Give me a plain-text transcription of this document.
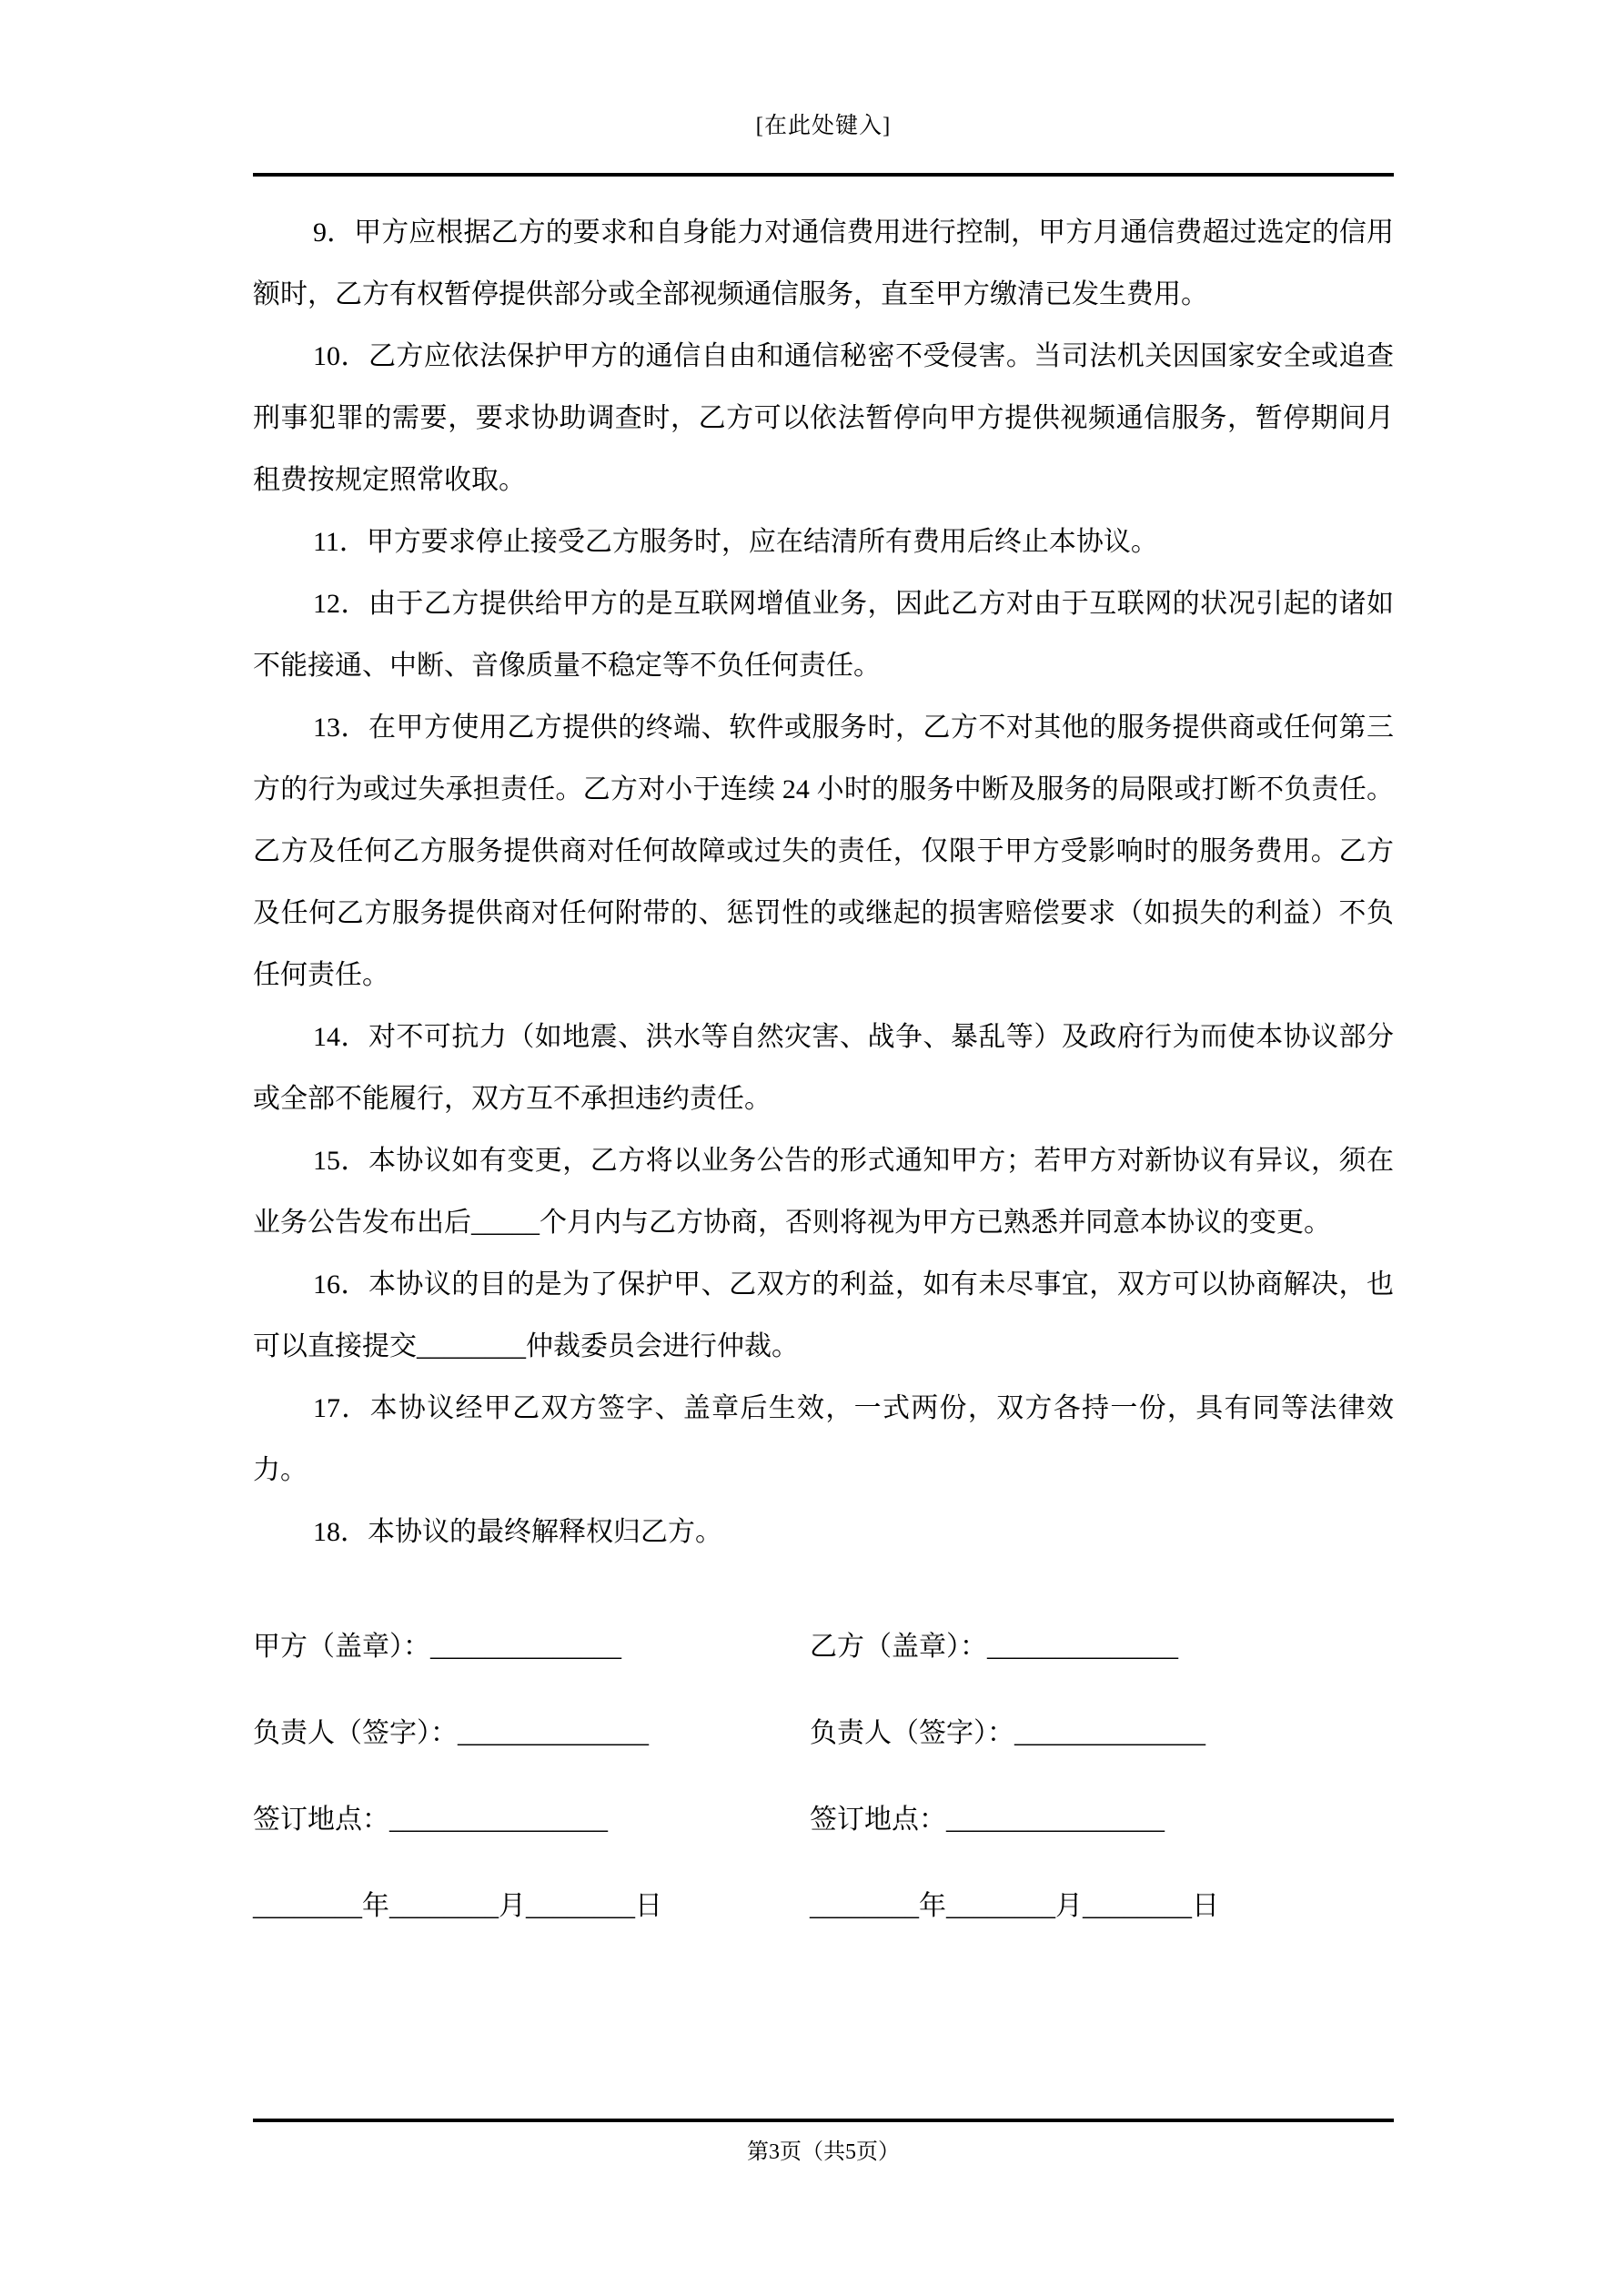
[在此处键入]

9．甲方应根据乙方的要求和自身能力对通信费用进行控制，甲方月通信费超过选定的信用额时，乙方有权暂停提供部分或全部视频通信服务，直至甲方缴清已发生费用。

10．乙方应依法保护甲方的通信自由和通信秘密不受侵害。当司法机关因国家安全或追查刑事犯罪的需要，要求协助调查时，乙方可以依法暂停向甲方提供视频通信服务，暂停期间月租费按规定照常收取。

11．甲方要求停止接受乙方服务时，应在结清所有费用后终止本协议。

12．由于乙方提供给甲方的是互联网增值业务，因此乙方对由于互联网的状况引起的诸如不能接通、中断、音像质量不稳定等不负任何责任。

13．在甲方使用乙方提供的终端、软件或服务时，乙方不对其他的服务提供商或任何第三方的行为或过失承担责任。乙方对小于连续 24 小时的服务中断及服务的局限或打断不负责任。乙方及任何乙方服务提供商对任何故障或过失的责任，仅限于甲方受影响时的服务费用。乙方及任何乙方服务提供商对任何附带的、惩罚性的或继起的损害赔偿要求（如损失的利益）不负任何责任。

14．对不可抗力（如地震、洪水等自然灾害、战争、暴乱等）及政府行为而使本协议部分或全部不能履行，双方互不承担违约责任。

15．本协议如有变更，乙方将以业务公告的形式通知甲方；若甲方对新协议有异议，须在业务公告发布出后_____个月内与乙方协商，否则将视为甲方已熟悉并同意本协议的变更。

16．本协议的目的是为了保护甲、乙双方的利益，如有未尽事宜，双方可以协商解决，也可以直接提交________仲裁委员会进行仲裁。

17．本协议经甲乙双方签字、盖章后生效，一式两份，双方各持一份，具有同等法律效力。

18．本协议的最终解释权归乙方。

甲方（盖章）：______________	乙方（盖章）：______________
负责人（签字）：______________	负责人（签字）：______________
签订地点：________________	签订地点：________________
________年________月________日	________年________月________日
第3页（共5页）
